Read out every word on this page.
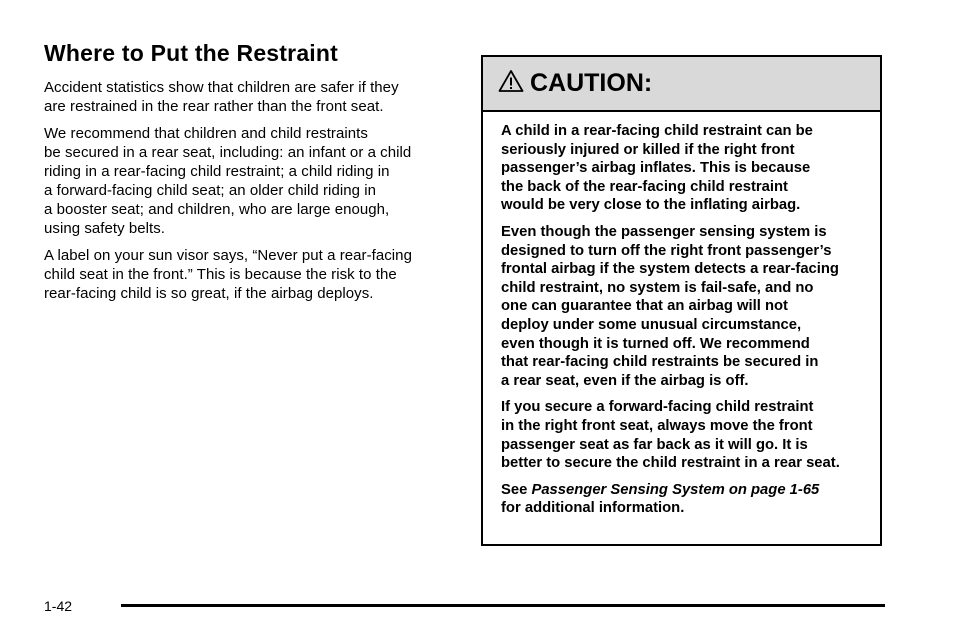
Where to Put the Restraint

Accident statistics show that children are safer if they
are restrained in the rear rather than the front seat.

We recommend that children and child restraints
be secured in a rear seat, including: an infant or a child
riding in a rear-facing child restraint; a child riding in
a forward-facing child seat; an older child riding in
a booster seat; and children, who are large enough,
using safety belts.

A label on your sun visor says, “Never put a rear-facing
child seat in the front.” This is because the risk to the
rear-facing child is so great, if the airbag deploys.

CAUTION:

A child in a rear-facing child restraint can be
seriously injured or killed if the right front
passenger’s airbag inflates. This is because
the back of the rear-facing child restraint
would be very close to the inflating airbag.

Even though the passenger sensing system is
designed to turn off the right front passenger’s
frontal airbag if the system detects a rear-facing
child restraint, no system is fail-safe, and no
one can guarantee that an airbag will not
deploy under some unusual circumstance,
even though it is turned off. We recommend
that rear-facing child restraints be secured in
a rear seat, even if the airbag is off.

If you secure a forward-facing child restraint
in the right front seat, always move the front
passenger seat as far back as it will go. It is
better to secure the child restraint in a rear seat.

See Passenger Sensing System on page 1-65
for additional information.

1-42
